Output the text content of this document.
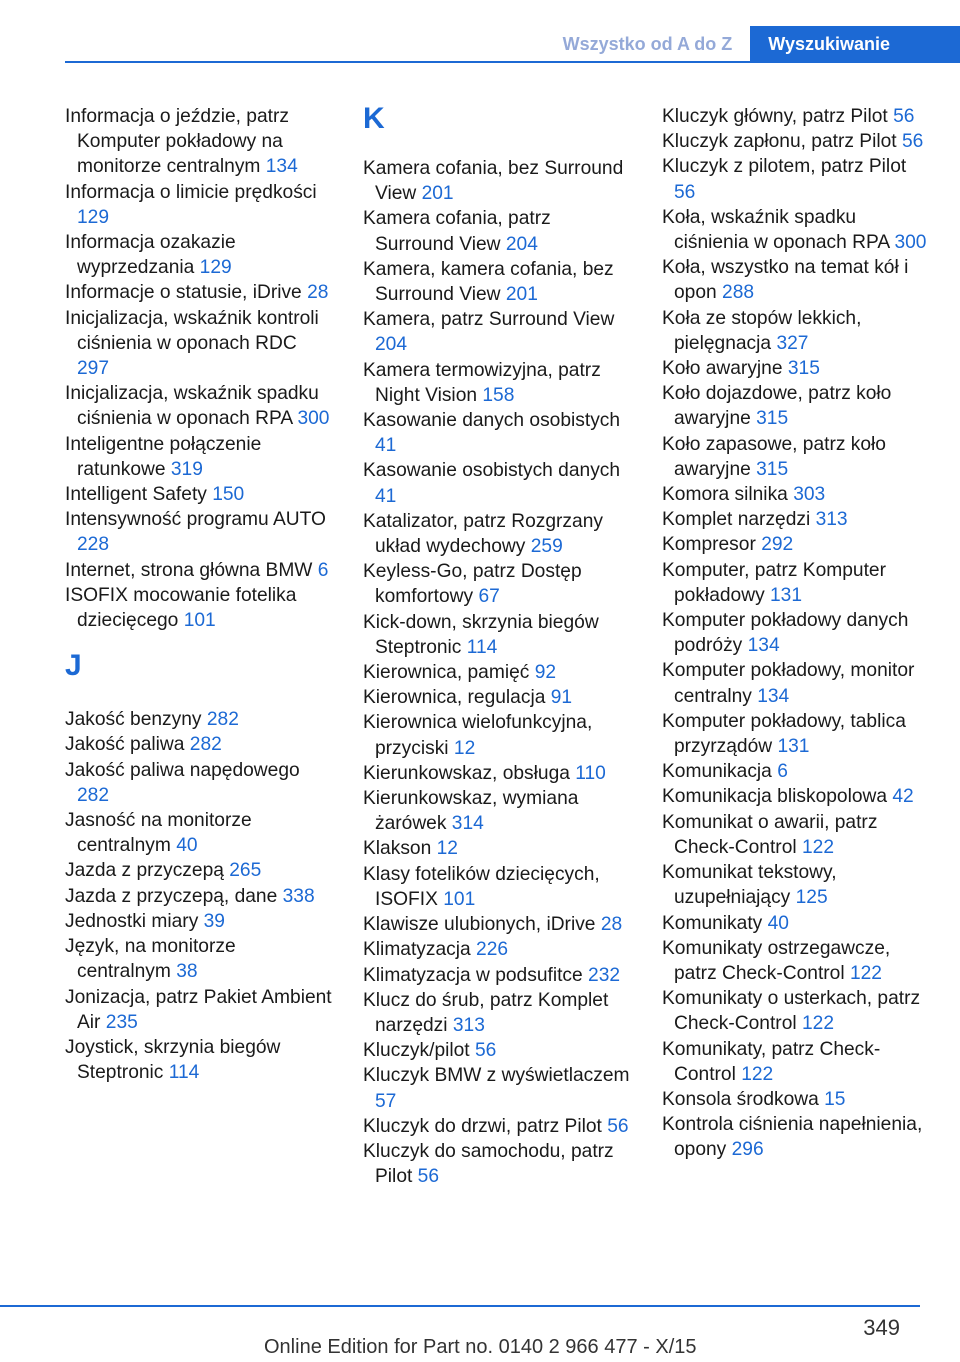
Wszystko od A do Z	Wyszukiwanie
Informacja o jeździe, patrz Komputer pokładowy na monitorze centralnym 134
Informacja o limicie prędkości 129
Informacja ozakazie wyprzedzania 129
Informacje o statusie, iDrive 28
Inicjalizacja, wskaźnik kontroli ciśnienia w oponach RDC 297
Inicjalizacja, wskaźnik spadku ciśnienia w oponach RPA 300
Inteligentne połączenie ratunkowe 319
Intelligent Safety 150
Intensywność programu AUTO 228
Internet, strona główna BMW 6
ISOFIX mocowanie fotelika dziecięcego 101
J
Jakość benzyny 282
Jakość paliwa 282
Jakość paliwa napędowego 282
Jasność na monitorze centralnym 40
Jazda z przyczepą 265
Jazda z przyczepą, dane 338
Jednostki miary 39
Język, na monitorze centralnym 38
Jonizacja, patrz Pakiet Ambient Air 235
Joystick, skrzynia biegów Steptronic 114
K
Kamera cofania, bez Surround View 201
Kamera cofania, patrz Surround View 204
Kamera, kamera cofania, bez Surround View 201
Kamera, patrz Surround View 204
Kamera termowizyjna, patrz Night Vision 158
Kasowanie danych osobistych 41
Kasowanie osobistych danych 41
Katalizator, patrz Rozgrzany układ wydechowy 259
Keyless-Go, patrz Dostęp komfortowy 67
Kick-down, skrzynia biegów Steptronic 114
Kierownica, pamięć 92
Kierownica, regulacja 91
Kierownica wielofunkcyjna, przyciski 12
Kierunkowskaz, obsługa 110
Kierunkowskaz, wymiana żarówek 314
Klakson 12
Klasy fotelików dziecięcych, ISOFIX 101
Klawisze ulubionych, iDrive 28
Klimatyzacja 226
Klimatyzacja w podsufitce 232
Klucz do śrub, patrz Komplet narzędzi 313
Kluczyk/pilot 56
Kluczyk BMW z wyświetlaczem 57
Kluczyk do drzwi, patrz Pilot 56
Kluczyk do samochodu, patrz Pilot 56
Kluczyk główny, patrz Pilot 56
Kluczyk zapłonu, patrz Pilot 56
Kluczyk z pilotem, patrz Pilot 56
Koła, wskaźnik spadku ciśnienia w oponach RPA 300
Koła, wszystko na temat kół i opon 288
Koła ze stopów lekkich, pielęgnacja 327
Koło awaryjne 315
Koło dojazdowe, patrz koło awaryjne 315
Koło zapasowe, patrz koło awaryjne 315
Komora silnika 303
Komplet narzędzi 313
Kompresor 292
Komputer, patrz Komputer pokładowy 131
Komputer pokładowy danych podróży 134
Komputer pokładowy, monitor centralny 134
Komputer pokładowy, tablica przyrządów 131
Komunikacja 6
Komunikacja bliskopolowa 42
Komunikat o awarii, patrz Check-Control 122
Komunikat tekstowy, uzupełniający 125
Komunikaty 40
Komunikaty ostrzegawcze, patrz Check-Control 122
Komunikaty o usterkach, patrz Check-Control 122
Komunikaty, patrz Check-Control 122
Konsola środkowa 15
Kontrola ciśnienia napełnienia, opony 296
349
Online Edition for Part no. 0140 2 966 477 - X/15
